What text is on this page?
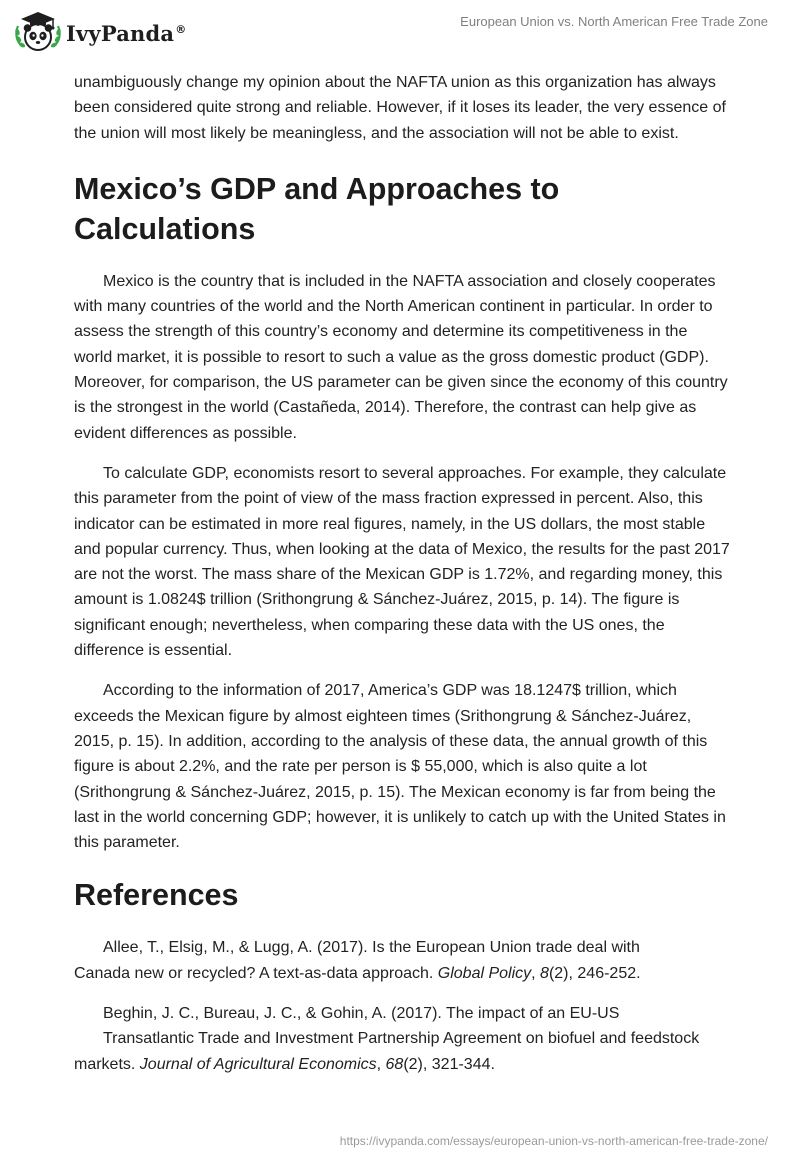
IvyPanda®	European Union vs. North American Free Trade Zone

unambiguously change my opinion about the NAFTA union as this organization has always been considered quite strong and reliable. However, if it loses its leader, the very essence of the union will most likely be meaningless, and the association will not be able to exist.

Mexico’s GDP and Approaches to Calculations

Mexico is the country that is included in the NAFTA association and closely cooperates with many countries of the world and the North American continent in particular. In order to assess the strength of this country’s economy and determine its competitiveness in the world market, it is possible to resort to such a value as the gross domestic product (GDP). Moreover, for comparison, the US parameter can be given since the economy of this country is the strongest in the world (Castañeda, 2014). Therefore, the contrast can help give as evident differences as possible.

To calculate GDP, economists resort to several approaches. For example, they calculate this parameter from the point of view of the mass fraction expressed in percent. Also, this indicator can be estimated in more real figures, namely, in the US dollars, the most stable and popular currency. Thus, when looking at the data of Mexico, the results for the past 2017 are not the worst. The mass share of the Mexican GDP is 1.72%, and regarding money, this amount is 1.0824$ trillion (Srithongrung & Sánchez-Juárez, 2015, p. 14). The figure is significant enough; nevertheless, when comparing these data with the US ones, the difference is essential.

According to the information of 2017, America’s GDP was 18.1247$ trillion, which exceeds the Mexican figure by almost eighteen times (Srithongrung & Sánchez-Juárez, 2015, p. 15). In addition, according to the analysis of these data, the annual growth of this figure is about 2.2%, and the rate per person is $ 55,000, which is also quite a lot (Srithongrung & Sánchez-Juárez, 2015, p. 15). The Mexican economy is far from being the last in the world concerning GDP; however, it is unlikely to catch up with the United States in this parameter.

References

Allee, T., Elsig, M., & Lugg, A. (2017). Is the European Union trade deal with
Canada new or recycled? A text-as-data approach. Global Policy, 8(2), 246-252.

Beghin, J. C., Bureau, J. C., & Gohin, A. (2017). The impact of an EU-US
Transatlantic Trade and Investment Partnership Agreement on biofuel and feedstock
markets. Journal of Agricultural Economics, 68(2), 321-344.

https://ivypanda.com/essays/european-union-vs-north-american-free-trade-zone/
